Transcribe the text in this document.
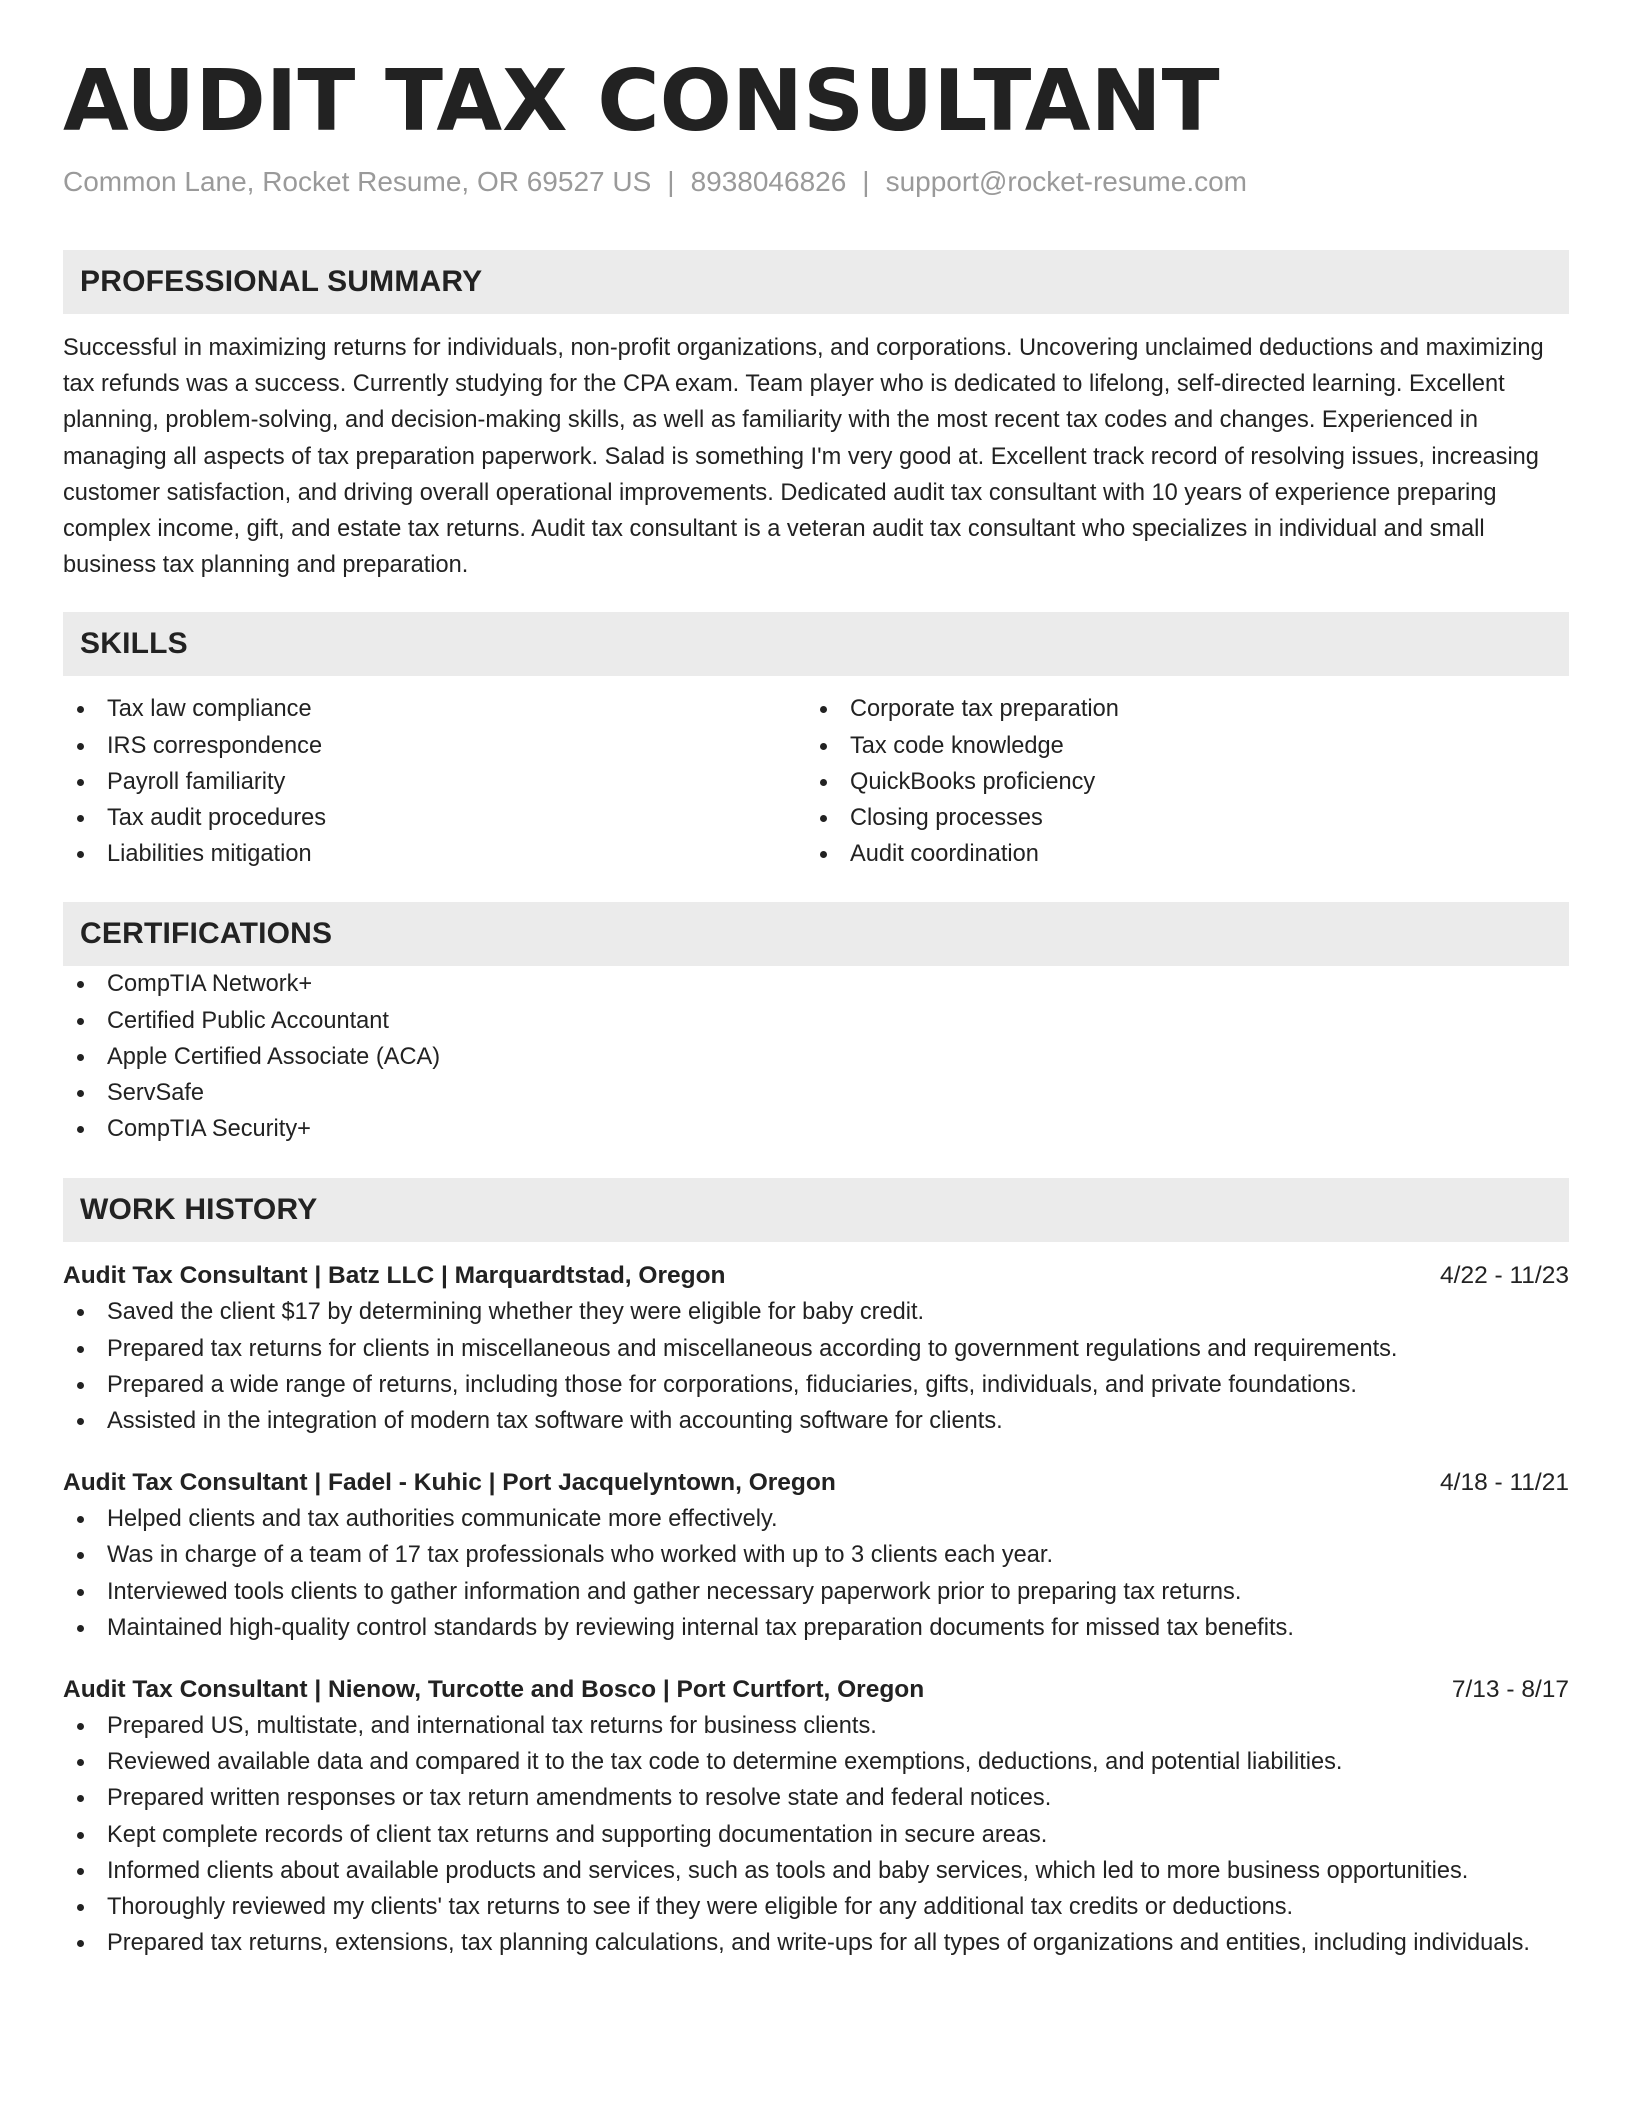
AUDIT TAX CONSULTANT
Common Lane, Rocket Resume, OR 69527 US | 8938046826 | support@rocket-resume.com
PROFESSIONAL SUMMARY

Successful in maximizing returns for individuals, non-profit organizations, and corporations. Uncovering unclaimed deductions and maximizing tax refunds was a success. Currently studying for the CPA exam. Team player who is dedicated to lifelong, self-directed learning. Excellent planning, problem-solving, and decision-making skills, as well as familiarity with the most recent tax codes and changes. Experienced in managing all aspects of tax preparation paperwork. Salad is something I'm very good at. Excellent track record of resolving issues, increasing customer satisfaction, and driving overall operational improvements. Dedicated audit tax consultant with 10 years of experience preparing complex income, gift, and estate tax returns. Audit tax consultant is a veteran audit tax consultant who specializes in individual and small business tax planning and preparation.

SKILLS
Tax law compliance
IRS correspondence
Payroll familiarity
Tax audit procedures
Liabilities mitigation
Corporate tax preparation
Tax code knowledge
QuickBooks proficiency
Closing processes
Audit coordination
CERTIFICATIONS
CompTIA Network+
Certified Public Accountant
Apple Certified Associate (ACA)
ServSafe
CompTIA Security+
WORK HISTORY
Audit Tax Consultant | Batz LLC | Marquardtstad, Oregon	4/22 - 11/23
Saved the client $17 by determining whether they were eligible for baby credit.
Prepared tax returns for clients in miscellaneous and miscellaneous according to government regulations and requirements.
Prepared a wide range of returns, including those for corporations, fiduciaries, gifts, individuals, and private foundations.
Assisted in the integration of modern tax software with accounting software for clients.
Audit Tax Consultant | Fadel - Kuhic | Port Jacquelyntown, Oregon	4/18 - 11/21
Helped clients and tax authorities communicate more effectively.
Was in charge of a team of 17 tax professionals who worked with up to 3 clients each year.
Interviewed tools clients to gather information and gather necessary paperwork prior to preparing tax returns.
Maintained high-quality control standards by reviewing internal tax preparation documents for missed tax benefits.
Audit Tax Consultant | Nienow, Turcotte and Bosco | Port Curtfort, Oregon	7/13 - 8/17
Prepared US, multistate, and international tax returns for business clients.
Reviewed available data and compared it to the tax code to determine exemptions, deductions, and potential liabilities.
Prepared written responses or tax return amendments to resolve state and federal notices.
Kept complete records of client tax returns and supporting documentation in secure areas.
Informed clients about available products and services, such as tools and baby services, which led to more business opportunities.
Thoroughly reviewed my clients' tax returns to see if they were eligible for any additional tax credits or deductions.
Prepared tax returns, extensions, tax planning calculations, and write-ups for all types of organizations and entities, including individuals.
